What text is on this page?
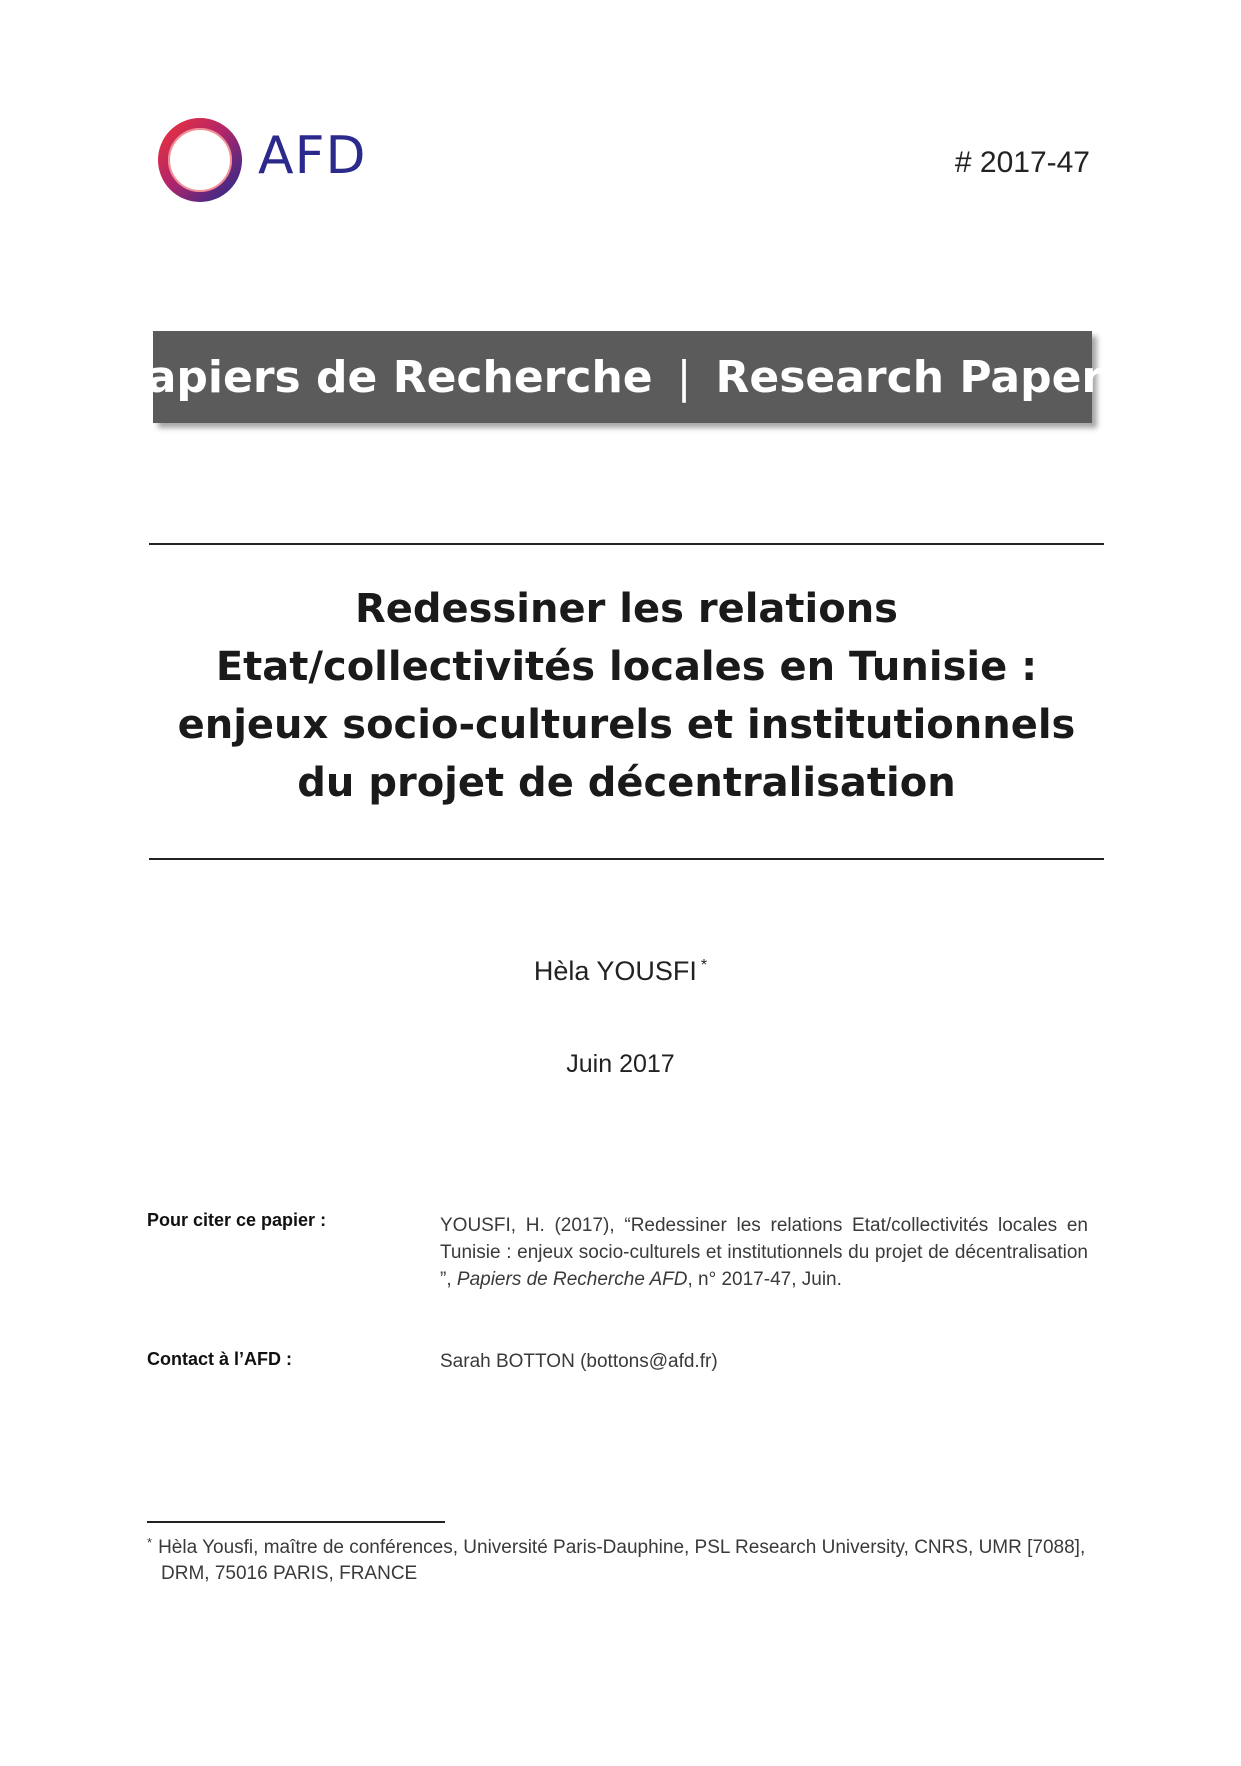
AFD	# 2017-47
Papiers de Recherche | Research Papers
Redessiner les relations
Etat/collectivités locales en Tunisie :
enjeux socio-culturels et institutionnels
du projet de décentralisation
Hèla YOUSFI *
Juin 2017
Pour citer ce papier :	YOUSFI, H. (2017), “Redessiner les relations Etat/collectivités locales en Tunisie : enjeux socio-culturels et institutionnels du projet de décentralisation ”, Papiers de Recherche AFD, n° 2017-47, Juin.
Contact à l’AFD :	Sarah BOTTON (bottons@afd.fr)
* Hèla Yousfi, maître de conférences, Université Paris-Dauphine, PSL Research University, CNRS, UMR [7088],
DRM, 75016 PARIS, FRANCE
